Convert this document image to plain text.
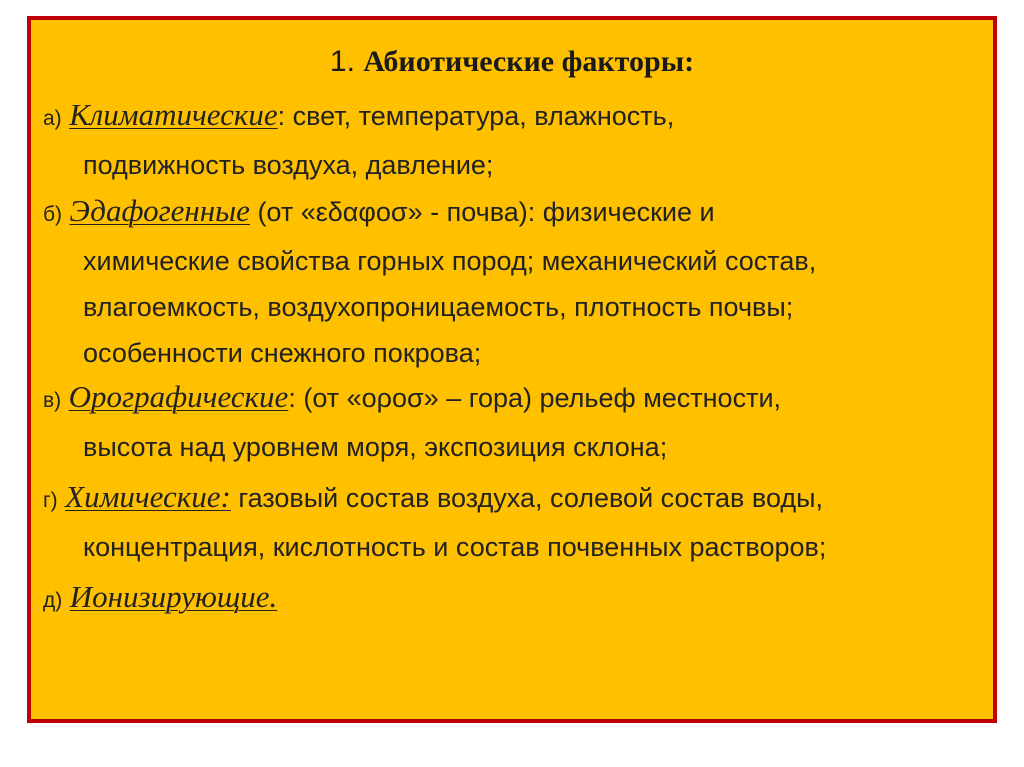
1. Абиотические факторы:
а) Климатические: свет, температура, влажность,
подвижность воздуха, давление;
б) Эдафогенные (от «εδαφοσ» - почва): физические и
химические свойства горных пород; механический состав,
влагоемкость, воздухопроницаемость, плотность почвы;
особенности снежного покрова;
в) Орографические: (от «οροσ» – гора) рельеф местности,
высота над уровнем моря, экспозиция склона;
г) Химические: газовый состав воздуха, солевой состав воды,
концентрация, кислотность и состав почвенных растворов;
д) Ионизирующие.
